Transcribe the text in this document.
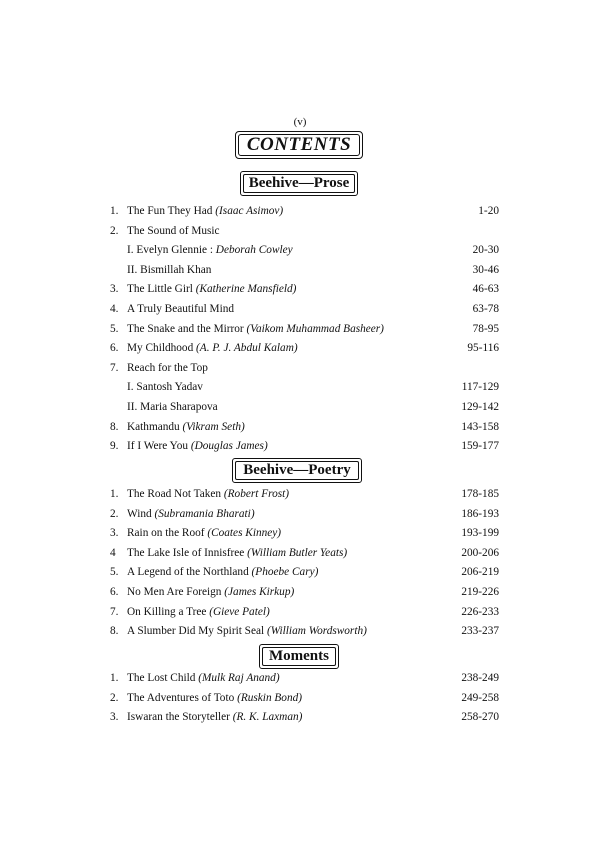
(v)
CONTENTS
Beehive—Prose
1. The Fun They Had (Isaac Asimov)	1-20
2. The Sound of Music
I. Evelyn Glennie : Deborah Cowley	20-30
II. Bismillah Khan	30-46
3. The Little Girl (Katherine Mansfield)	46-63
4. A Truly Beautiful Mind	63-78
5. The Snake and the Mirror (Vaikom Muhammad Basheer)	78-95
6. My Childhood (A. P. J. Abdul Kalam)	95-116
7. Reach for the Top
I. Santosh Yadav	117-129
II. Maria Sharapova	129-142
8. Kathmandu (Vikram Seth)	143-158
9. If I Were You (Douglas James)	159-177
Beehive—Poetry
1. The Road Not Taken (Robert Frost)	178-185
2. Wind (Subramania Bharati)	186-193
3. Rain on the Roof (Coates Kinney)	193-199
4 The Lake Isle of Innisfree (William Butler Yeats)	200-206
5. A Legend of the Northland (Phoebe Cary)	206-219
6. No Men Are Foreign (James Kirkup)	219-226
7. On Killing a Tree (Gieve Patel)	226-233
8. A Slumber Did My Spirit Seal (William Wordsworth)	233-237
Moments
1. The Lost Child (Mulk Raj Anand)	238-249
2. The Adventures of Toto (Ruskin Bond)	249-258
3. Iswaran the Storyteller (R. K. Laxman)	258-270
